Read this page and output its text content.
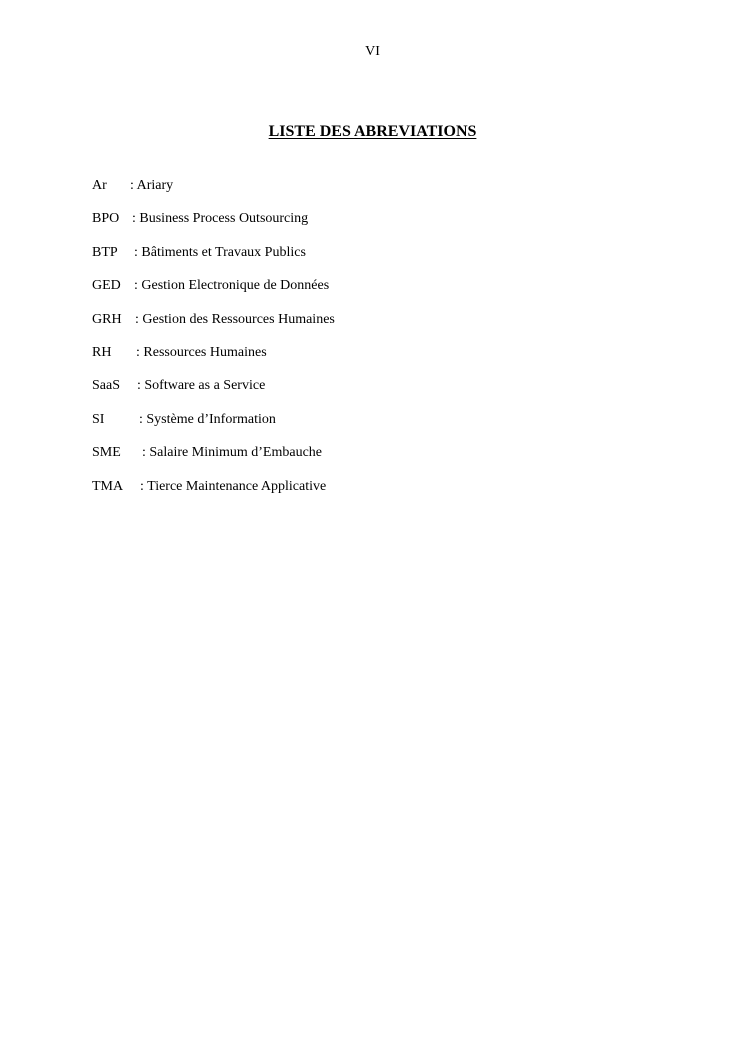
VI
LISTE DES ABREVIATIONS
Ar : Ariary
BPO : Business Process Outsourcing
BTP : Bâtiments et Travaux Publics
GED : Gestion Electronique de Données
GRH : Gestion des Ressources Humaines
RH : Ressources Humaines
SaaS : Software as a Service
SI : Système d’Information
SME : Salaire Minimum d’Embauche
TMA : Tierce Maintenance Applicative
